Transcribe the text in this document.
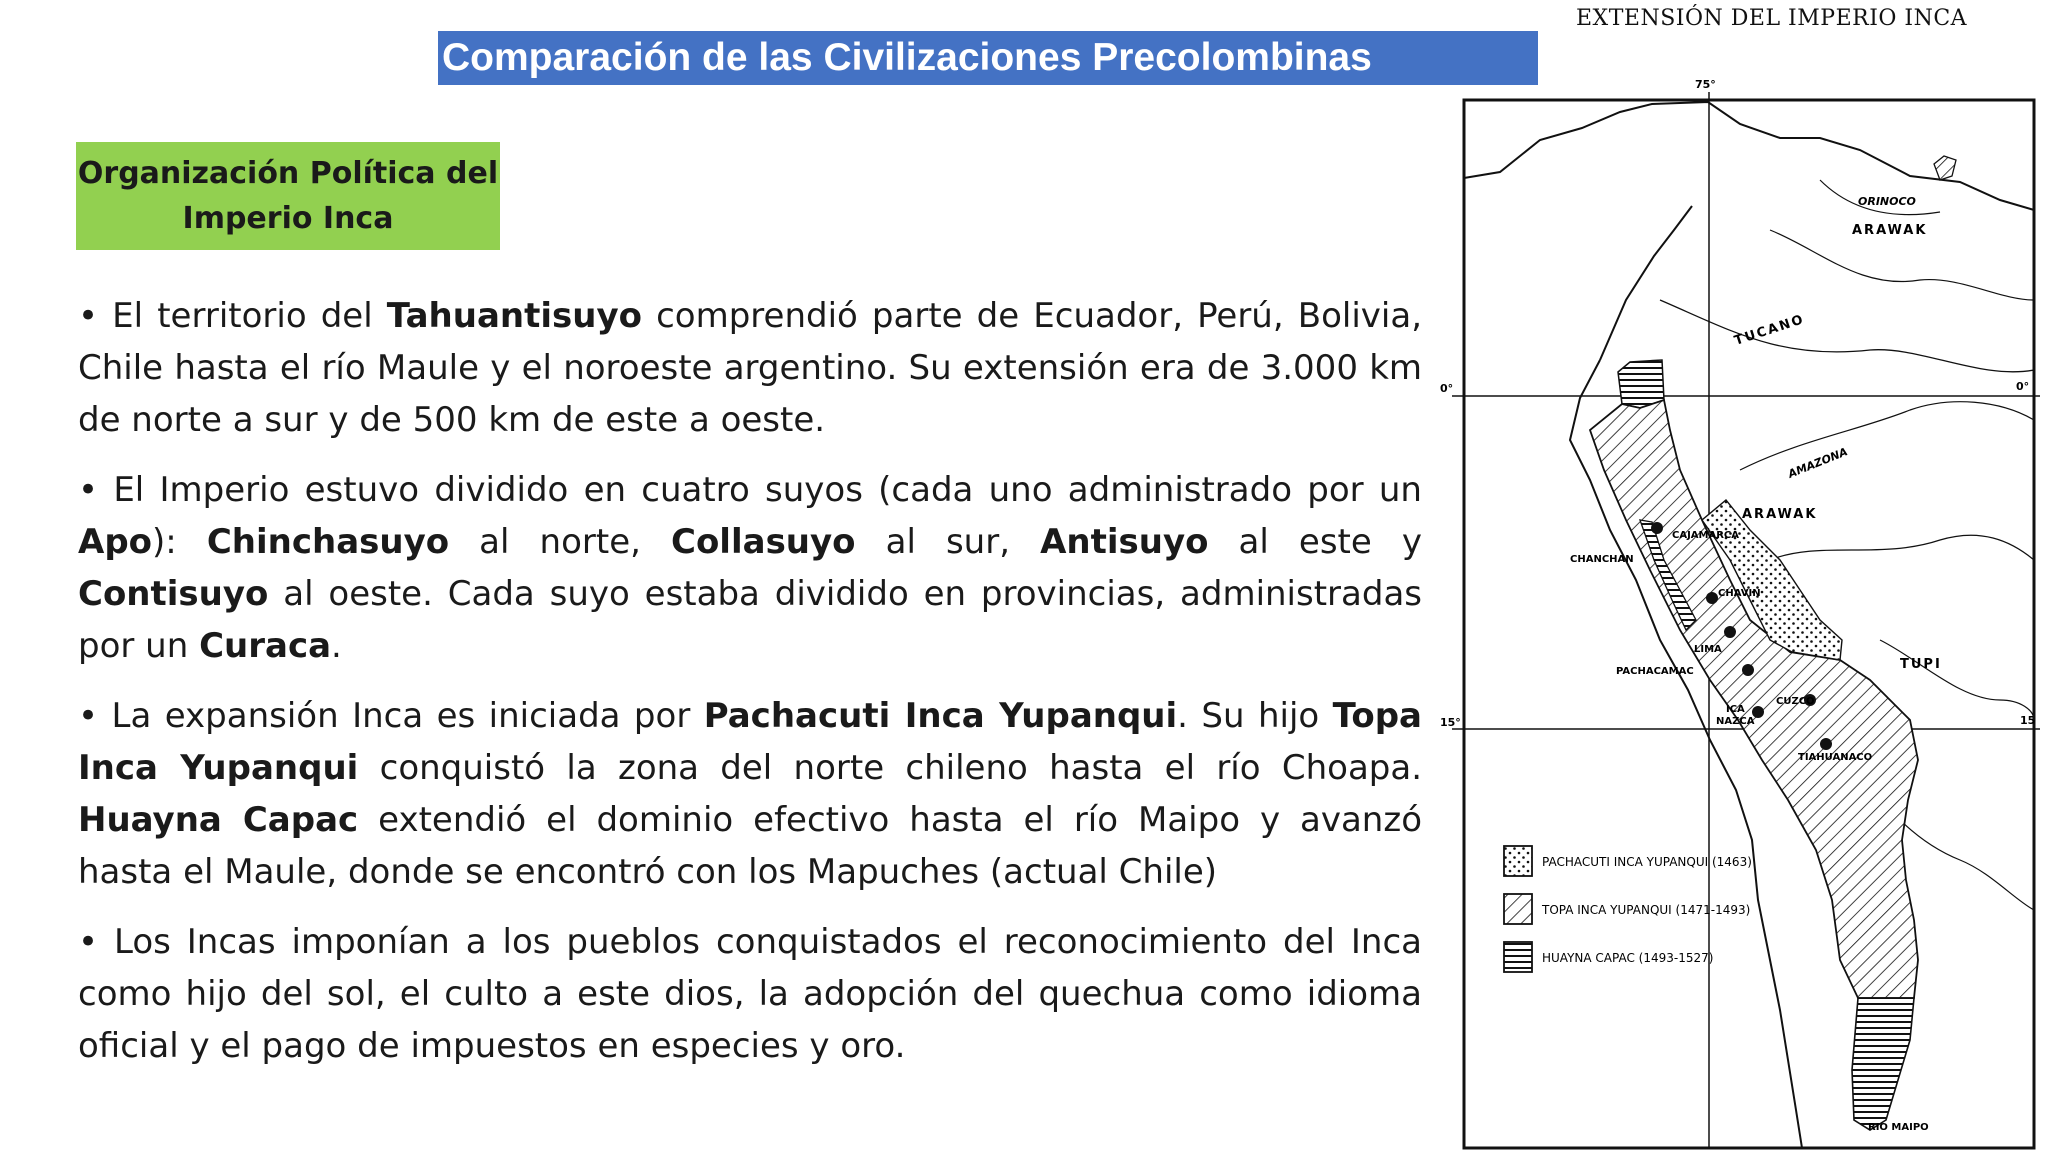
Comparación de las Civilizaciones Precolombinas
Organización Política del
Imperio Inca

• El territorio del Tahuantisuyo comprendió parte de Ecuador, Perú, Bolivia, Chile hasta el río Maule y el noroeste argentino. Su extensión era de 3.000 km de norte a sur y de 500 km de este a oeste.

• El Imperio estuvo dividido en cuatro suyos (cada uno administrado por un Apo): Chinchasuyo al norte, Collasuyo al sur, Antisuyo al este y Contisuyo al oeste. Cada suyo estaba dividido en provincias, administradas por un Curaca.

• La expansión Inca es iniciada por Pachacuti Inca Yupanqui. Su hijo Topa Inca Yupanqui conquistó la zona del norte chileno hasta el río Choapa. Huayna Capac extendió el dominio efectivo hasta el río Maipo y avanzó hasta el Maule, donde se encontró con los Mapuches (actual Chile)

• Los Incas imponían a los pueblos conquistados el reconocimiento del Inca como hijo del sol, el culto a este dios, la adopción del quechua como idioma oficial y el pago de impuestos en especies y oro.

EXTENSIÓN DEL IMPERIO INCA
75°
0°	0°
15°	15
ORINOCO
ARAWAK
TUCANO
AMAZONA
ARAWAK
TUPI
CAJAMARCA
CHANCHAN
CHAVIN
LIMA
PACHACAMAC
CUZCO
ICA
NAZCA
TIAHUANACO
RIO MAIPO
PACHACUTI INCA YUPANQUI (1463)
TOPA INCA YUPANQUI (1471-1493)
HUAYNA CAPAC (1493-1527)
